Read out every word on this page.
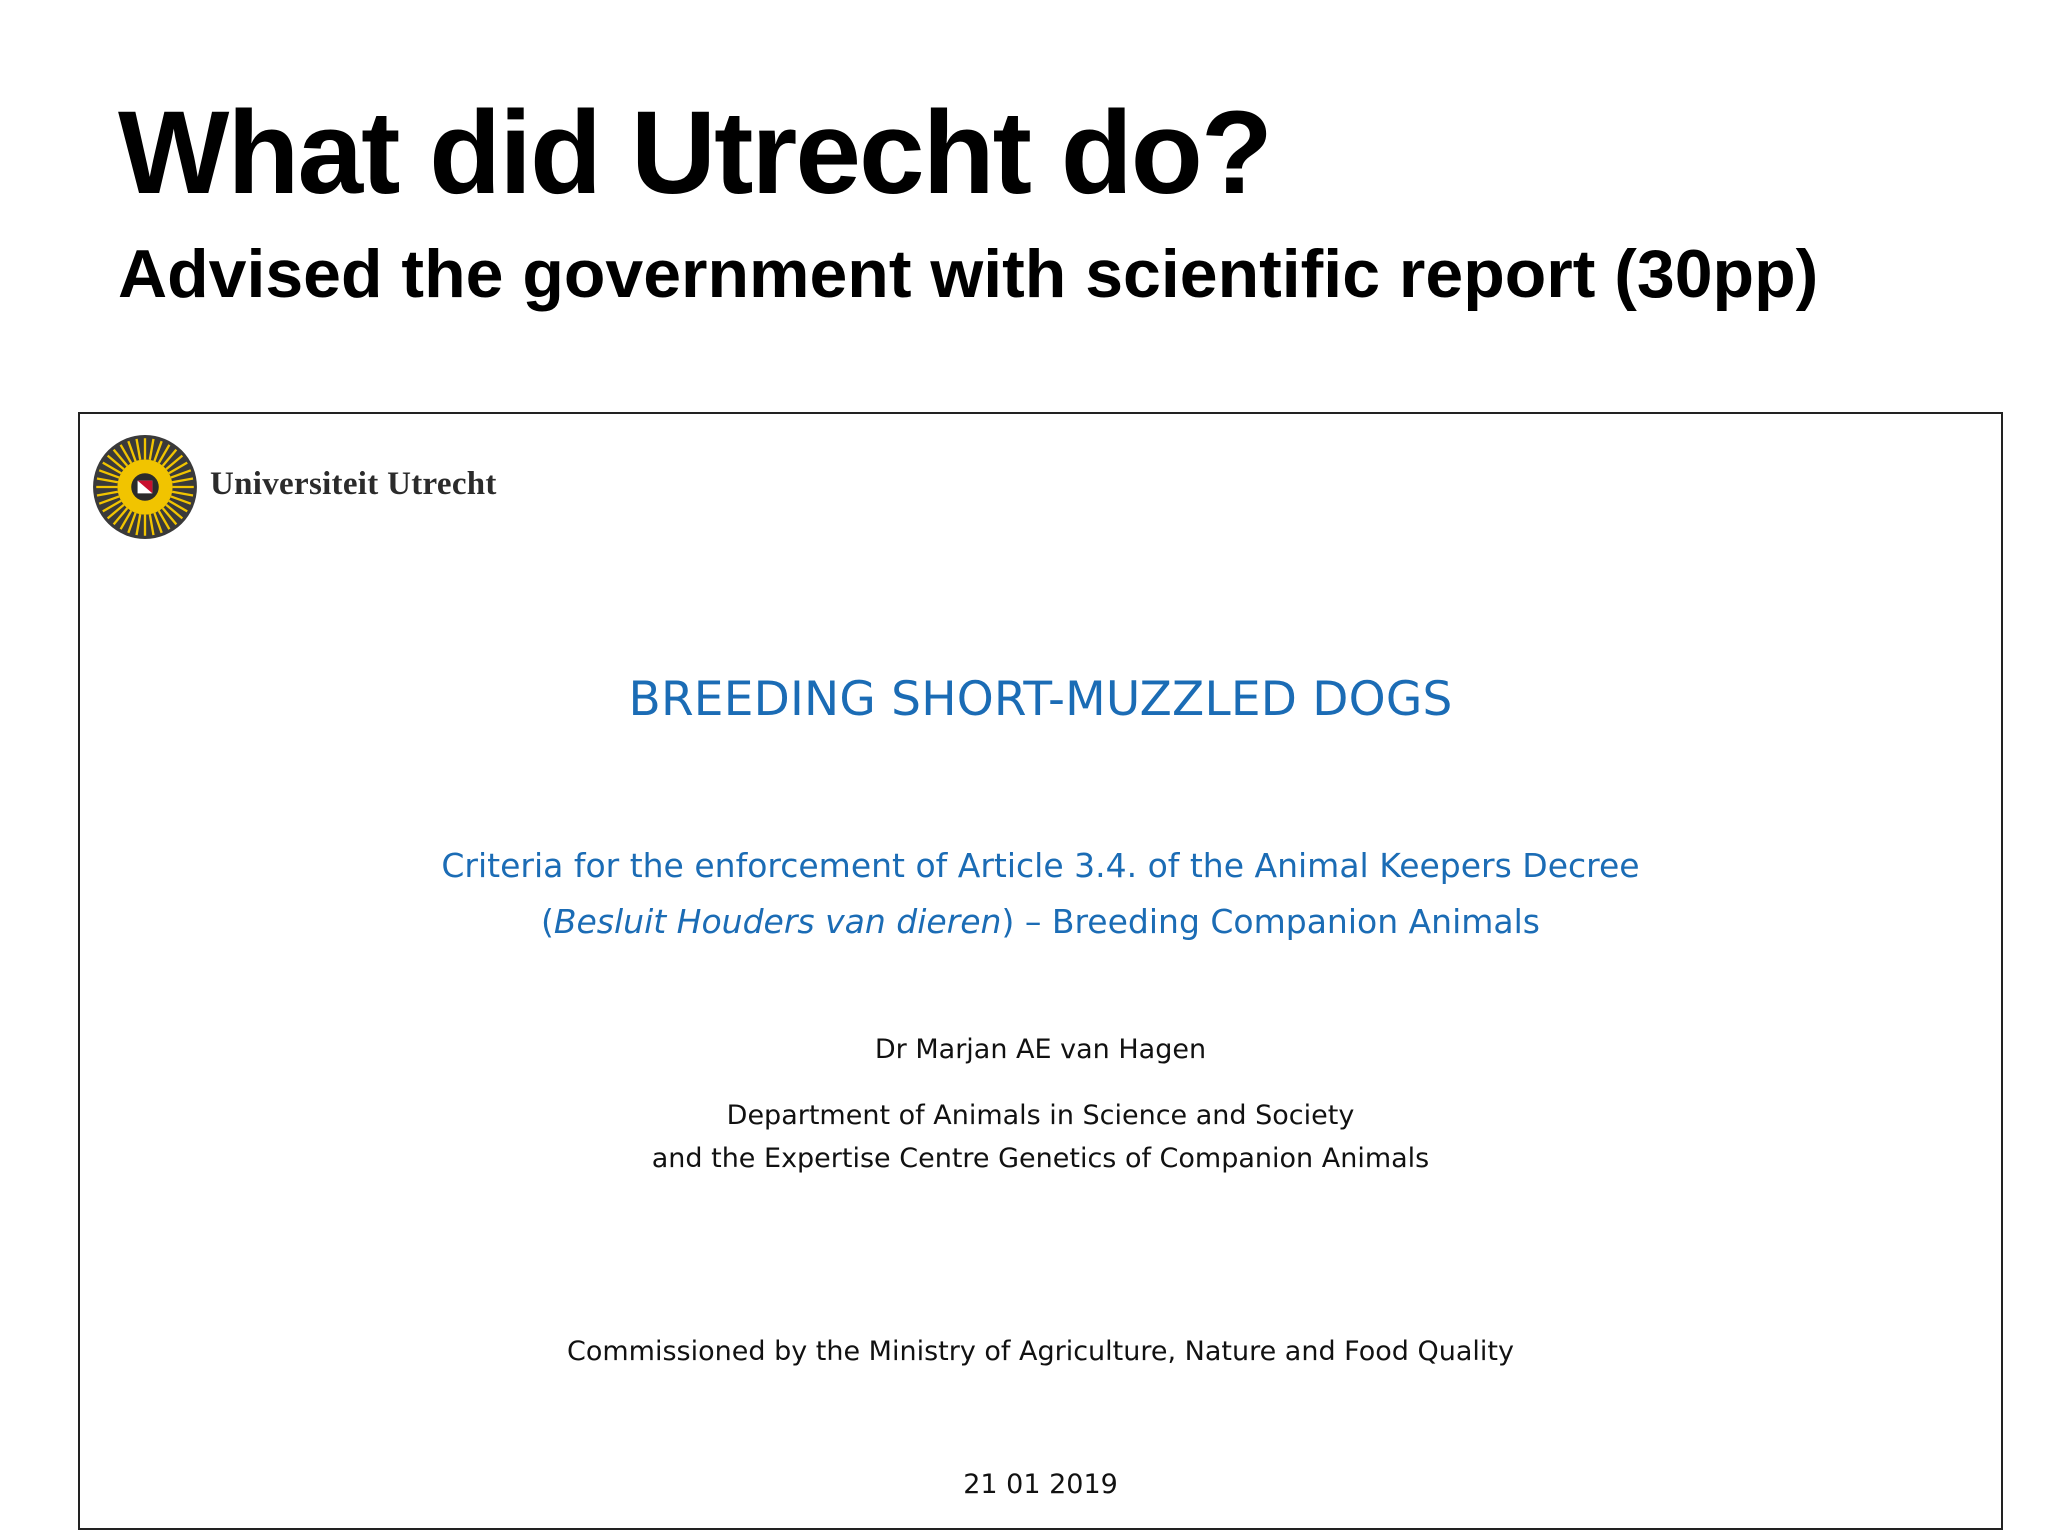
What did Utrecht do?
Advised the government with scientific report (30pp)
Universiteit Utrecht
BREEDING SHORT-MUZZLED DOGS
Criteria for the enforcement of Article 3.4. of the Animal Keepers Decree
(Besluit Houders van dieren) – Breeding Companion Animals
Dr Marjan AE van Hagen
Department of Animals in Science and Society
and the Expertise Centre Genetics of Companion Animals
Commissioned by the Ministry of Agriculture, Nature and Food Quality
21 01 2019
